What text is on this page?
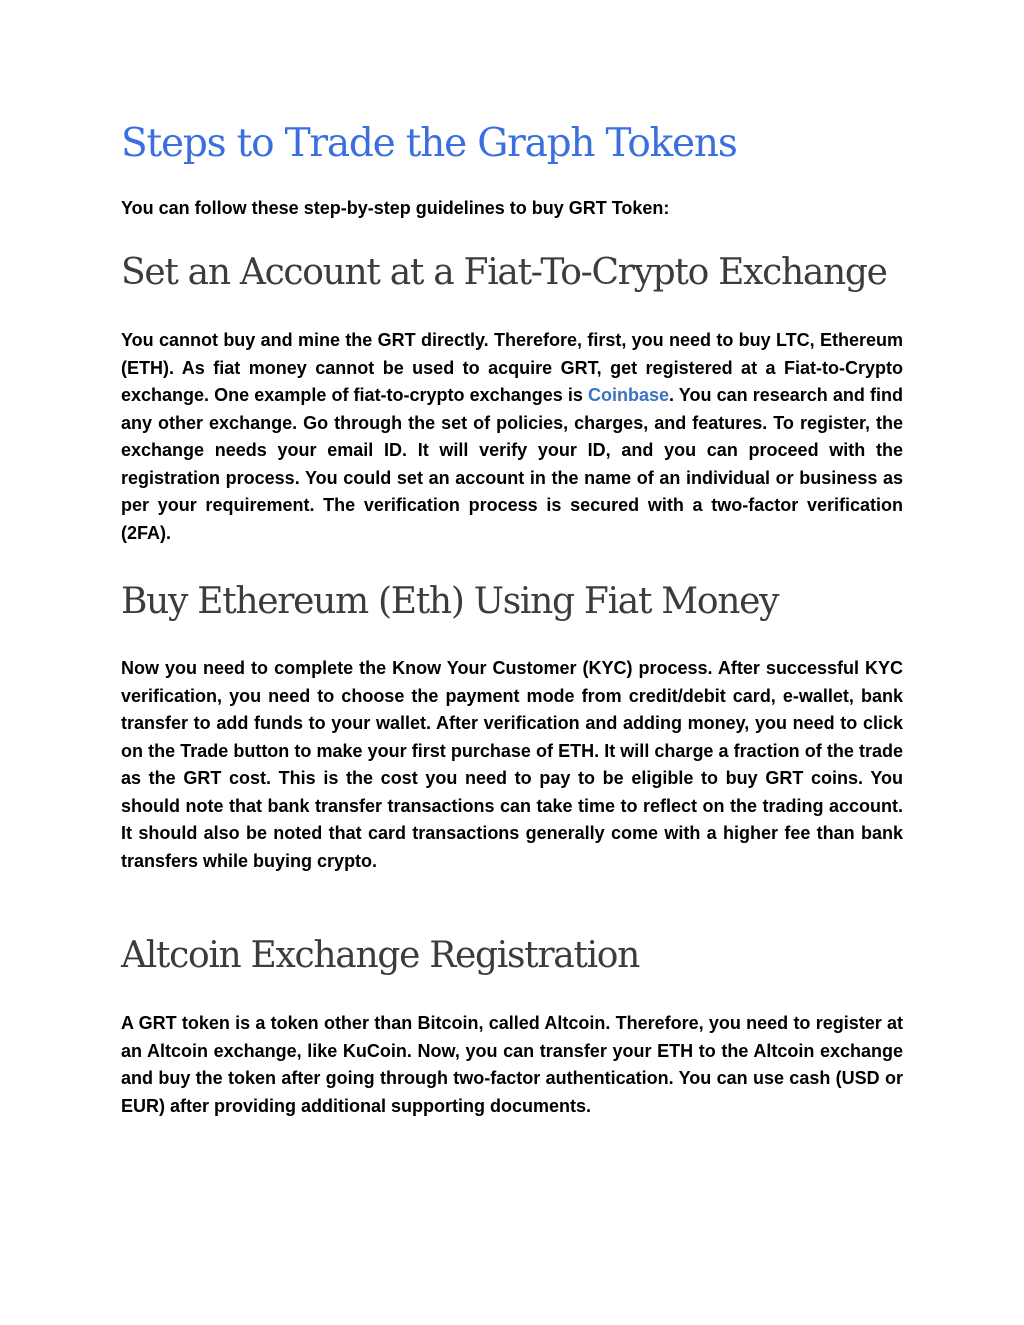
Steps to Trade the Graph Tokens

You can follow these step-by-step guidelines to buy GRT Token:

Set an Account at a Fiat-To-Crypto Exchange

You cannot buy and mine the GRT directly. Therefore, first, you need to buy LTC, Ethereum (ETH). As fiat money cannot be used to acquire GRT, get registered at a Fiat-to-Crypto exchange. One example of fiat-to-crypto exchanges is Coinbase. You can research and find any other exchange. Go through the set of policies, charges, and features. To register, the exchange needs your email ID. It will verify your ID, and you can proceed with the registration process. You could set an account in the name of an individual or business as per your requirement. The verification process is secured with a two-factor verification (2FA).

Buy Ethereum (Eth) Using Fiat Money

Now you need to complete the Know Your Customer (KYC) process. After successful KYC verification, you need to choose the payment mode from credit/debit card, e-wallet, bank transfer to add funds to your wallet. After verification and adding money, you need to click on the Trade button to make your first purchase of ETH. It will charge a fraction of the trade as the GRT cost. This is the cost you need to pay to be eligible to buy GRT coins. You should note that bank transfer transactions can take time to reflect on the trading account. It should also be noted that card transactions generally come with a higher fee than bank transfers while buying crypto.

Altcoin Exchange Registration

A GRT token is a token other than Bitcoin, called Altcoin. Therefore, you need to register at an Altcoin exchange, like KuCoin. Now, you can transfer your ETH to the Altcoin exchange and buy the token after going through two-factor authentication. You can use cash (USD or EUR) after providing additional supporting documents.
